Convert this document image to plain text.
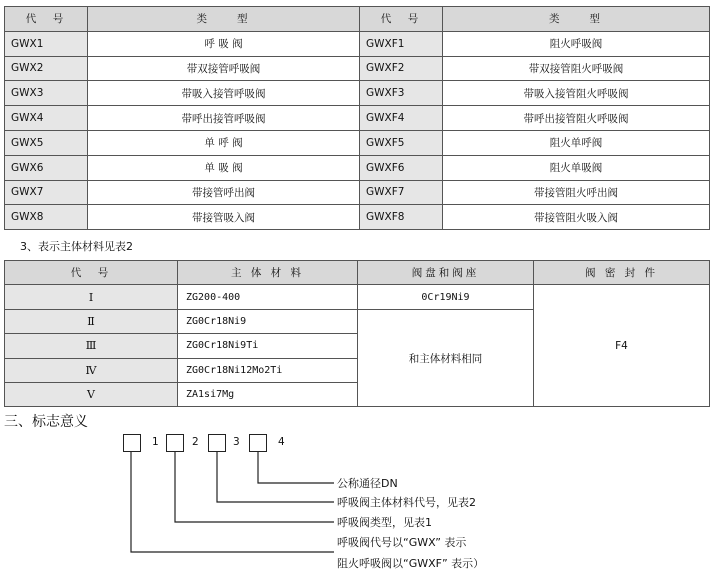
代　号	类　　型	代　号	类　　型
GWX1	呼 吸 阀	GWXF1	阻火呼吸阀
GWX2	带双接管呼吸阀	GWXF2	带双接管阻火呼吸阀
GWX3	带吸入接管呼吸阀	GWXF3	带吸入接管阻火呼吸阀
GWX4	带呼出接管呼吸阀	GWXF4	带呼出接管阻火呼吸阀
GWX5	单 呼 阀	GWXF5	阻火单呼阀
GWX6	单 吸 阀	GWXF6	阻火单吸阀
GWX7	带接管呼出阀	GWXF7	带接管阻火呼出阀
GWX8	带接管吸入阀	GWXF8	带接管阻火吸入阀
3、表示主体材料见表2
代　号	主 体 材 料	阀盘和阀座	阀 密 封 件
Ⅰ	ZG200-400	0Cr19Ni9	F4
Ⅱ	ZG0Cr18Ni9	和主体材料相同	
Ⅲ	ZG0Cr18Ni9Ti		
Ⅳ	ZG0Cr18Ni12Mo2Ti		
Ⅴ	ZA1si7Mg		
三、标志意义
1	2	3	4
公称通径DN
呼吸阀主体材料代号，见表2
呼吸阀类型，见表1
呼吸阀代号以“GWX” 表示
阻火呼吸阀以“GWXF” 表示）
